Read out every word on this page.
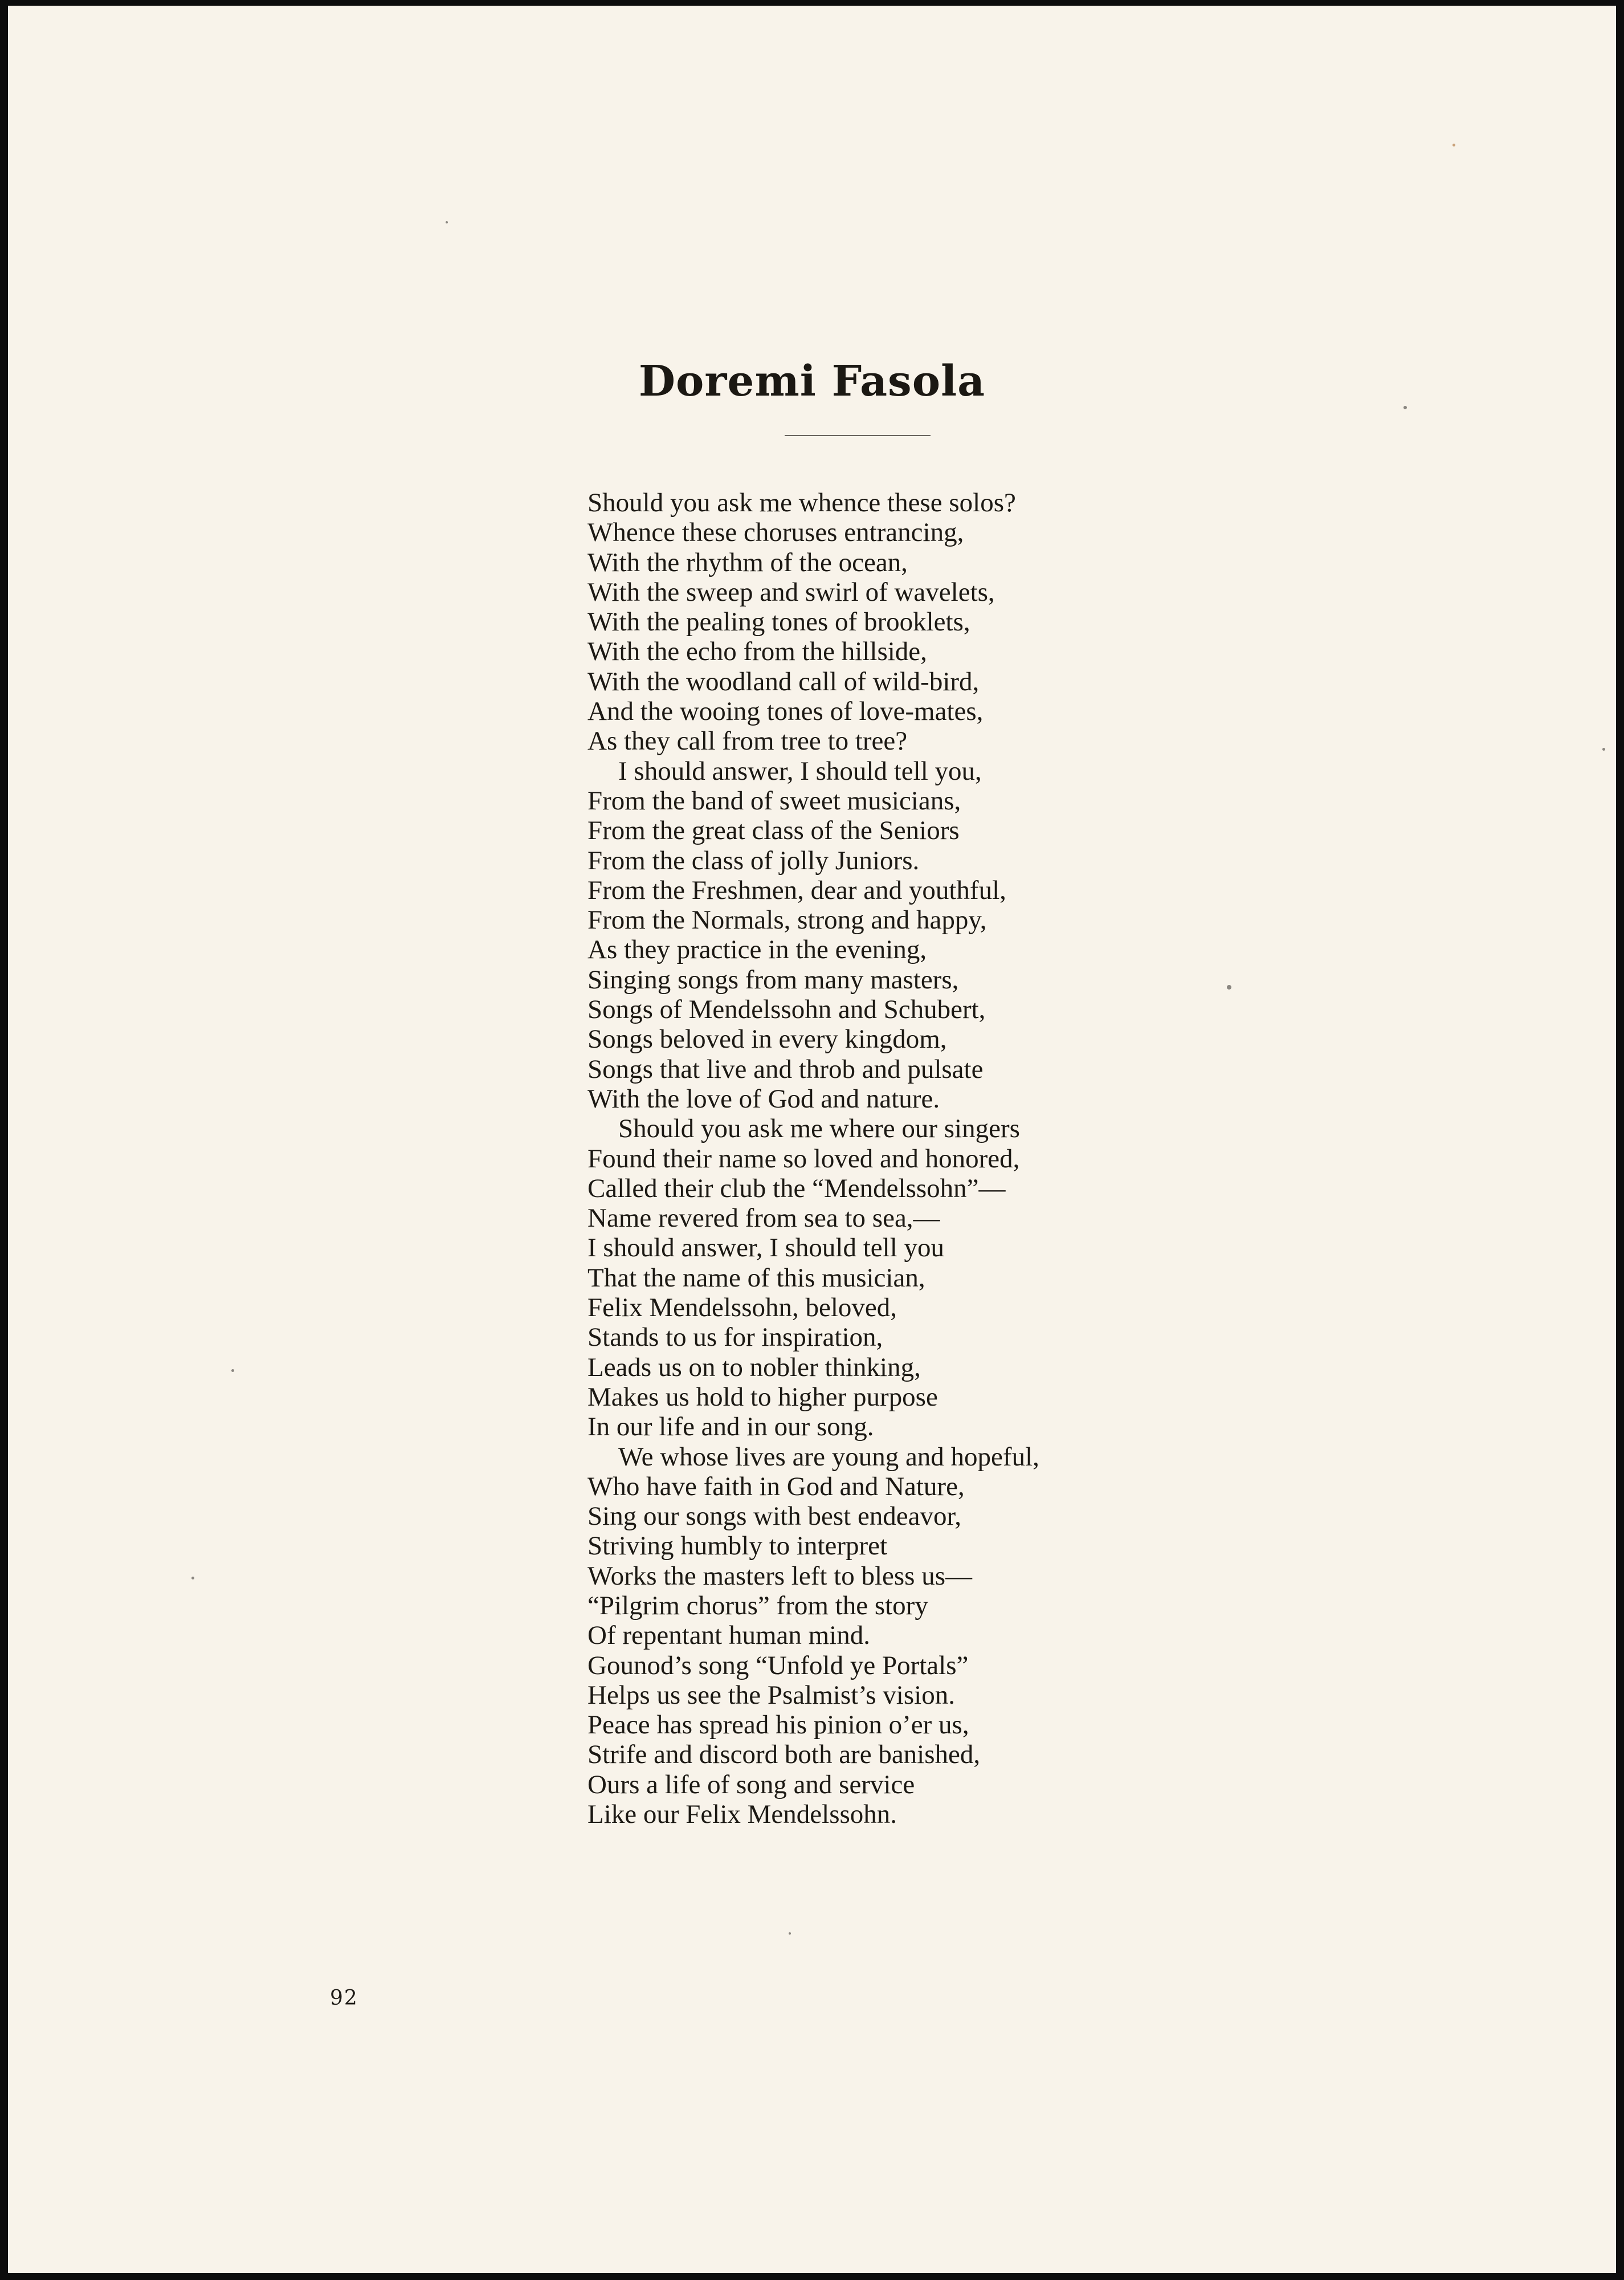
Doremi Fasola
Should you ask me whence these solos?
Whence these choruses entrancing,
With the rhythm of the ocean,
With the sweep and swirl of wavelets,
With the pealing tones of brooklets,
With the echo from the hillside,
With the woodland call of wild-bird,
And the wooing tones of love-mates,
As they call from tree to tree?
I should answer, I should tell you,
From the band of sweet musicians,
From the great class of the Seniors
From the class of jolly Juniors.
From the Freshmen, dear and youthful,
From the Normals, strong and happy,
As they practice in the evening,
Singing songs from many masters,
Songs of Mendelssohn and Schubert,
Songs beloved in every kingdom,
Songs that live and throb and pulsate
With the love of God and nature.
Should you ask me where our singers
Found their name so loved and honored,
Called their club the “Mendelssohn”—
Name revered from sea to sea,—
I should answer, I should tell you
That the name of this musician,
Felix Mendelssohn, beloved,
Stands to us for inspiration,
Leads us on to nobler thinking,
Makes us hold to higher purpose
In our life and in our song.
We whose lives are young and hopeful,
Who have faith in God and Nature,
Sing our songs with best endeavor,
Striving humbly to interpret
Works the masters left to bless us—
“Pilgrim chorus” from the story
Of repentant human mind.
Gounod’s song “Unfold ye Portals”
Helps us see the Psalmist’s vision.
Peace has spread his pinion o’er us,
Strife and discord both are banished,
Ours a life of song and service
Like our Felix Mendelssohn.
92
